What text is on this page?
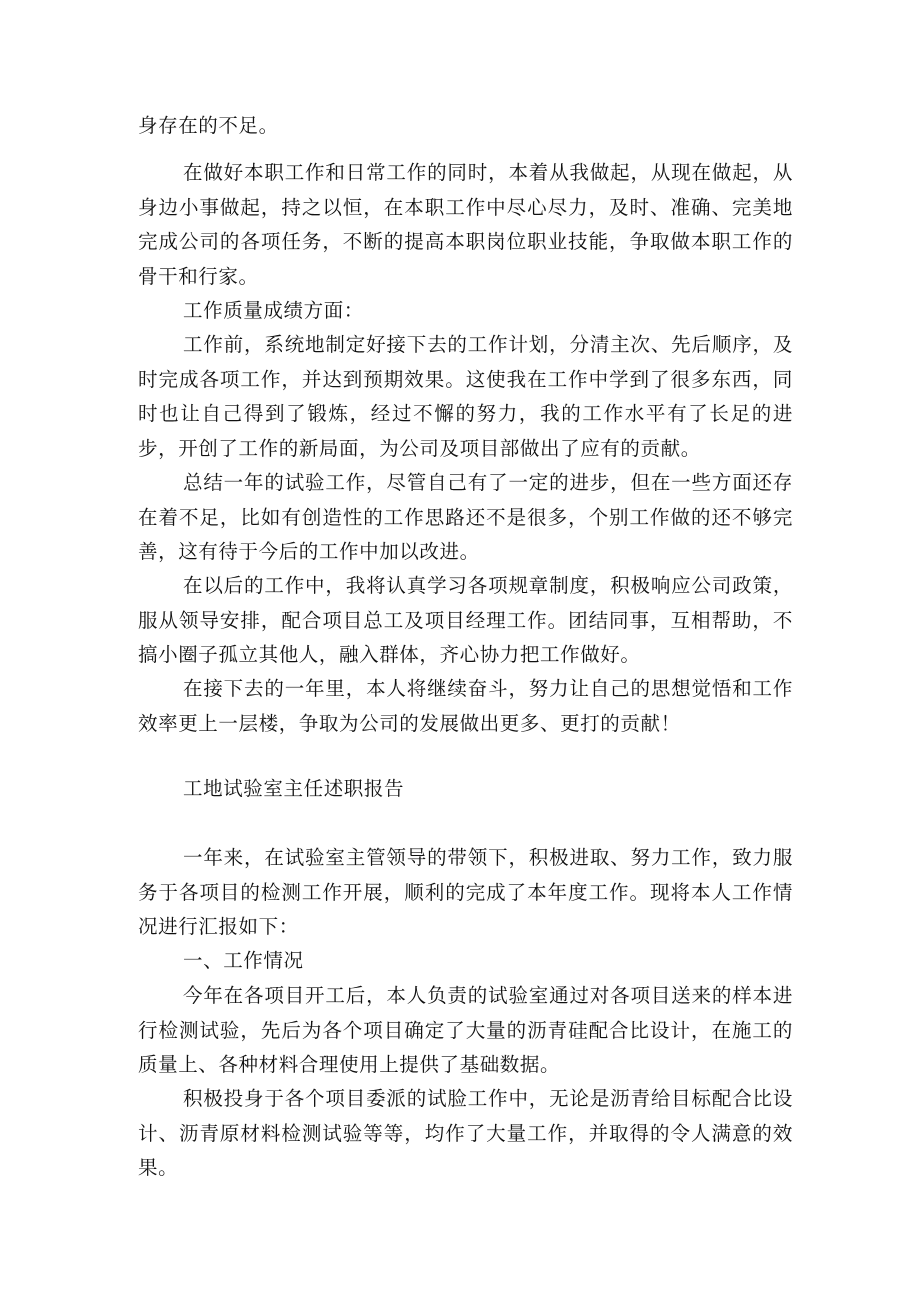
身存在的不足。

在做好本职工作和日常工作的同时，本着从我做起，从现在做起，从身边小事做起，持之以恒，在本职工作中尽心尽力，及时、准确、完美地完成公司的各项任务，不断的提高本职岗位职业技能，争取做本职工作的骨干和行家。

工作质量成绩方面：

工作前，系统地制定好接下去的工作计划，分清主次、先后顺序，及时完成各项工作，并达到预期效果。这使我在工作中学到了很多东西，同时也让自己得到了锻炼，经过不懈的努力，我的工作水平有了长足的进步，开创了工作的新局面，为公司及项目部做出了应有的贡献。

总结一年的试验工作，尽管自己有了一定的进步，但在一些方面还存在着不足，比如有创造性的工作思路还不是很多，个别工作做的还不够完善，这有待于今后的工作中加以改进。

在以后的工作中，我将认真学习各项规章制度，积极响应公司政策，服从领导安排，配合项目总工及项目经理工作。团结同事，互相帮助，不搞小圈子孤立其他人，融入群体，齐心协力把工作做好。

在接下去的一年里，本人将继续奋斗，努力让自己的思想觉悟和工作效率更上一层楼，争取为公司的发展做出更多、更打的贡献！

工地试验室主任述职报告

一年来，在试验室主管领导的带领下，积极进取、努力工作，致力服务于各项目的检测工作开展，顺利的完成了本年度工作。现将本人工作情况进行汇报如下：

一、工作情况

今年在各项目开工后，本人负责的试验室通过对各项目送来的样本进行检测试验，先后为各个项目确定了大量的沥青硅配合比设计，在施工的质量上、各种材料合理使用上提供了基础数据。

积极投身于各个项目委派的试脸工作中，无论是沥青给目标配合比设计、沥青原材料检测试验等等，均作了大量工作，并取得的令人满意的效果。
